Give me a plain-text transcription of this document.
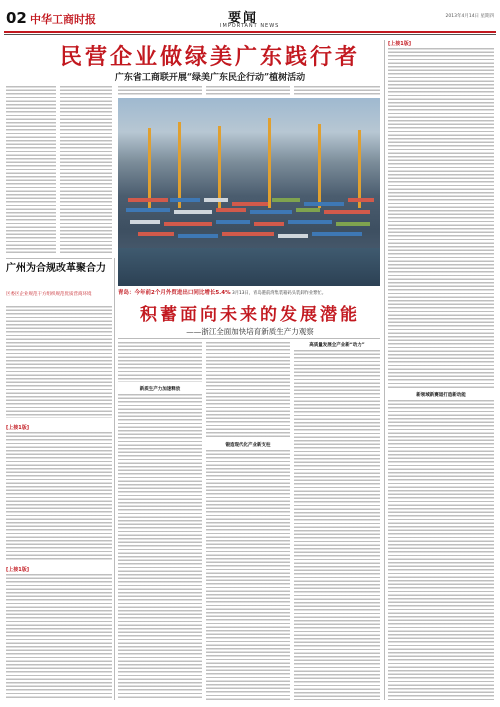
02 中华工商时报	要闻
IMPORTANT NEWS
2013年4月14日 星期四
民营企业做绿美广东践行者
广东省工商联开展“绿美广东民企行动”植树活动
[上接1版]
新领域新赛道打造新动能
广州为合规改革聚合力
区委区企业规范干方组织规范优质营商环境
[上接1版]
[上接1版]
青岛：今年前2个月外贸进出口同比增长5.4% 3月13日，青岛港前湾集装箱码头装卸作业繁忙。
积蓄面向未来的发展潜能
——浙江全面加快培育新质生产力观察
新质生产力加速释放
锻造现代化产业新支柱
高质量发展全产业新“动力”
